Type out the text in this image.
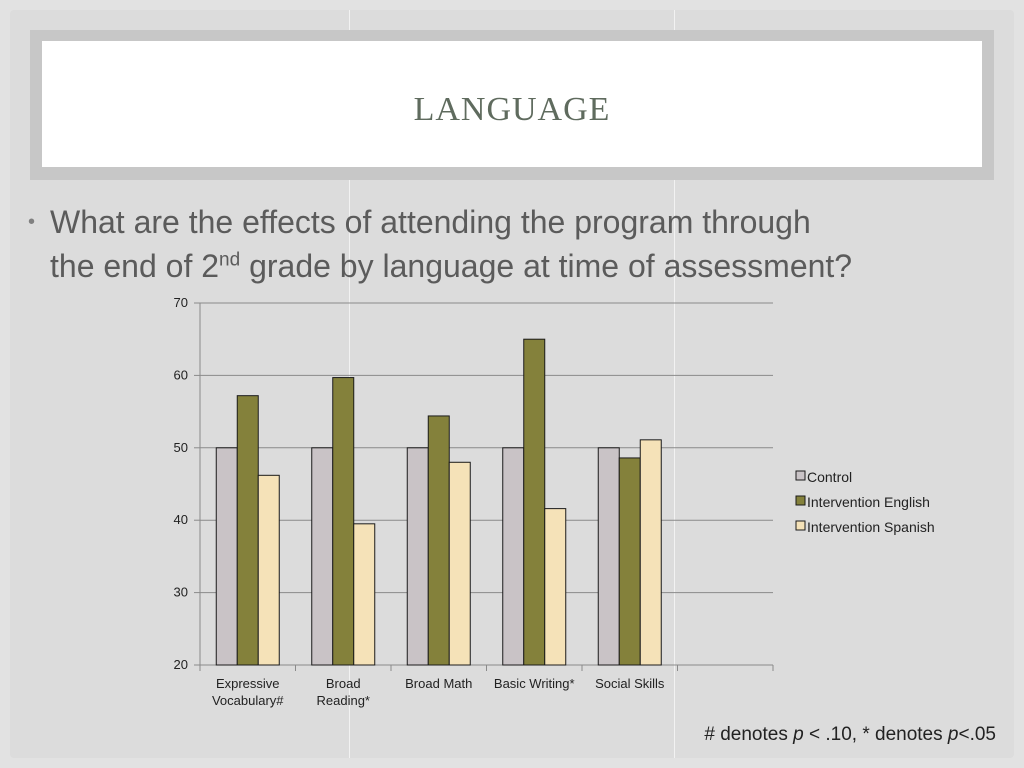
language
• What are the effects of attending the program through
the end of 2nd grade by language at time of assessment?
20
30
40
50
60
70
Expressive
Vocabulary#
Broad
Reading*
Broad Math Basic Writing* Social Skills
Control
Intervention English
Intervention Spanish
# denotes p < .10, * denotes p<.05
